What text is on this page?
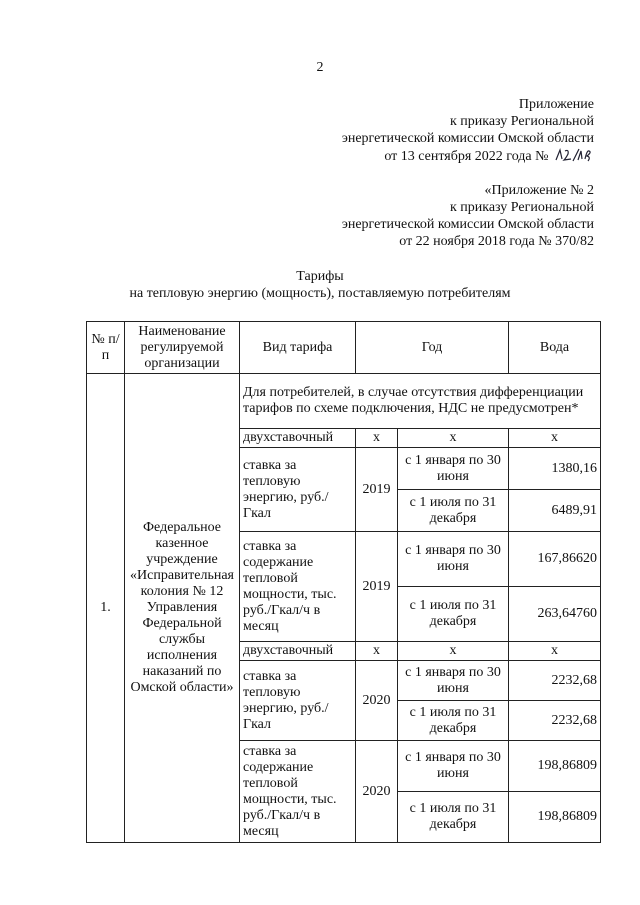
2
Приложение
к приказу Региональной
энергетической комиссии Омской области
от 13 сентября 2022 года №
«Приложение № 2
к приказу Региональной
энергетической комиссии Омской области
от 22 ноября 2018 года № 370/82
Тарифы
на тепловую энергию (мощность), поставляемую потребителям
№ п/п	Наименование регулируемой организации	Вид тарифа	Год		Вода
1.	Федеральное казенное учреждение «Исправительная колония № 12 Управления Федеральной службы исполнения наказаний по Омской области»	Для потребителей, в случае отсутствия дифференциации тарифов по схеме подключения, НДС не предусмотрен*			
		двухставочный	x	x	x
		ставка за тепловую энергию, руб./Гкал	2019	с 1 января по 30 июня	1380,16
				с 1 июля по 31 декабря	6489,91
		ставка за содержание тепловой мощности, тыс. руб./Гкал/ч в месяц	2019	с 1 января по 30 июня	167,86620
				с 1 июля по 31 декабря	263,64760
		двухставочный	x	x	x
		ставка за тепловую энергию, руб./Гкал	2020	с 1 января по 30 июня	2232,68
				с 1 июля по 31 декабря	2232,68
		ставка за содержание тепловой мощности, тыс. руб./Гкал/ч в месяц	2020	с 1 января по 30 июня	198,86809
				с 1 июля по 31 декабря	198,86809
